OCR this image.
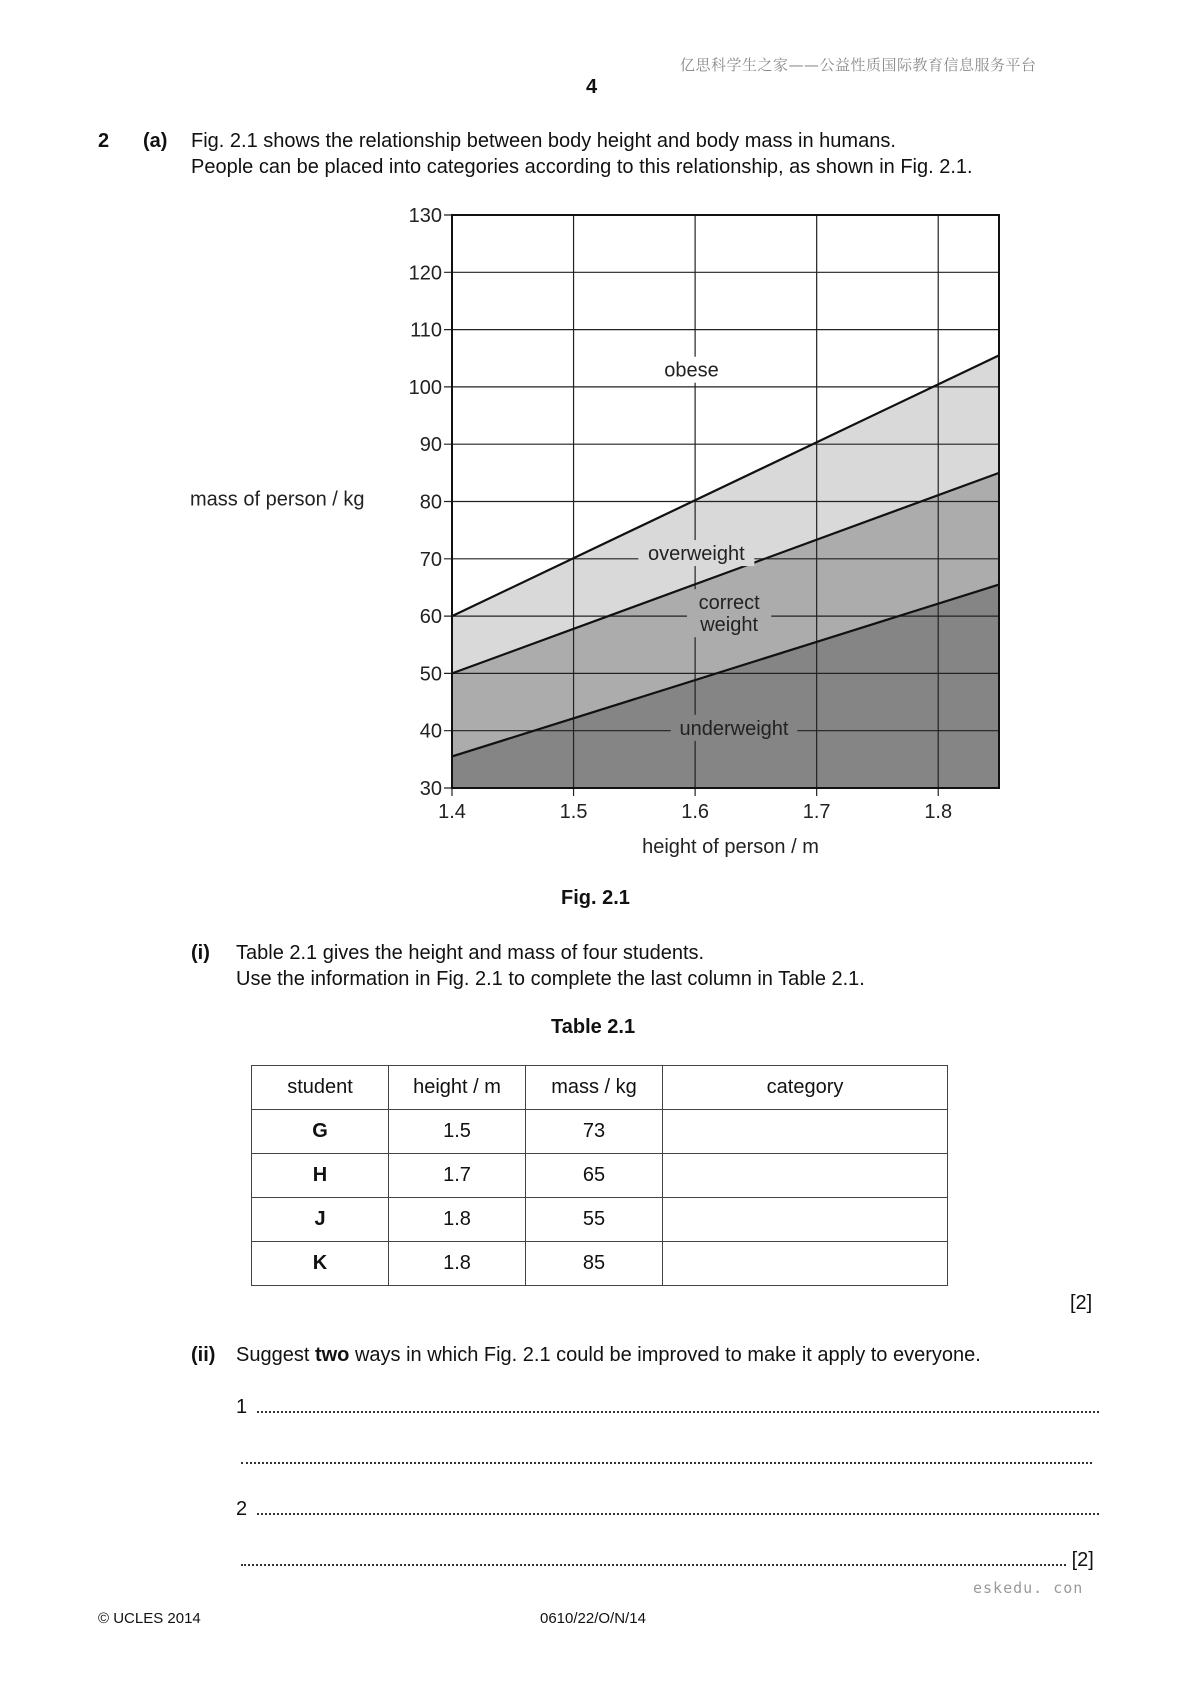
亿思科学生之家——公益性质国际教育信息服务平台
4
2 (a) Fig. 2.1 shows the relationship between body height and body mass in humans.
People can be placed into categories according to this relationship, as shown in Fig. 2.1.
30
40
50
60
70
80
90
100
110
120
130
1.4	1.5	1.6	1.7	1.8
height of person / m
mass of person / kg
obese
overweight
correct
weight
underweight
Fig. 2.1
(i) Table 2.1 gives the height and mass of four students.
Use the information in Fig. 2.1 to complete the last column in Table 2.1.
Table 2.1
student	height / m	mass / kg	category
G	1.5	73	
H	1.7	65	
J	1.8	55	
K	1.8	85	
[2]
(ii) Suggest two ways in which Fig. 2.1 could be improved to make it apply to everyone.
1
2
[2]
eskedu. con
© UCLES 2014	0610/22/O/N/14
